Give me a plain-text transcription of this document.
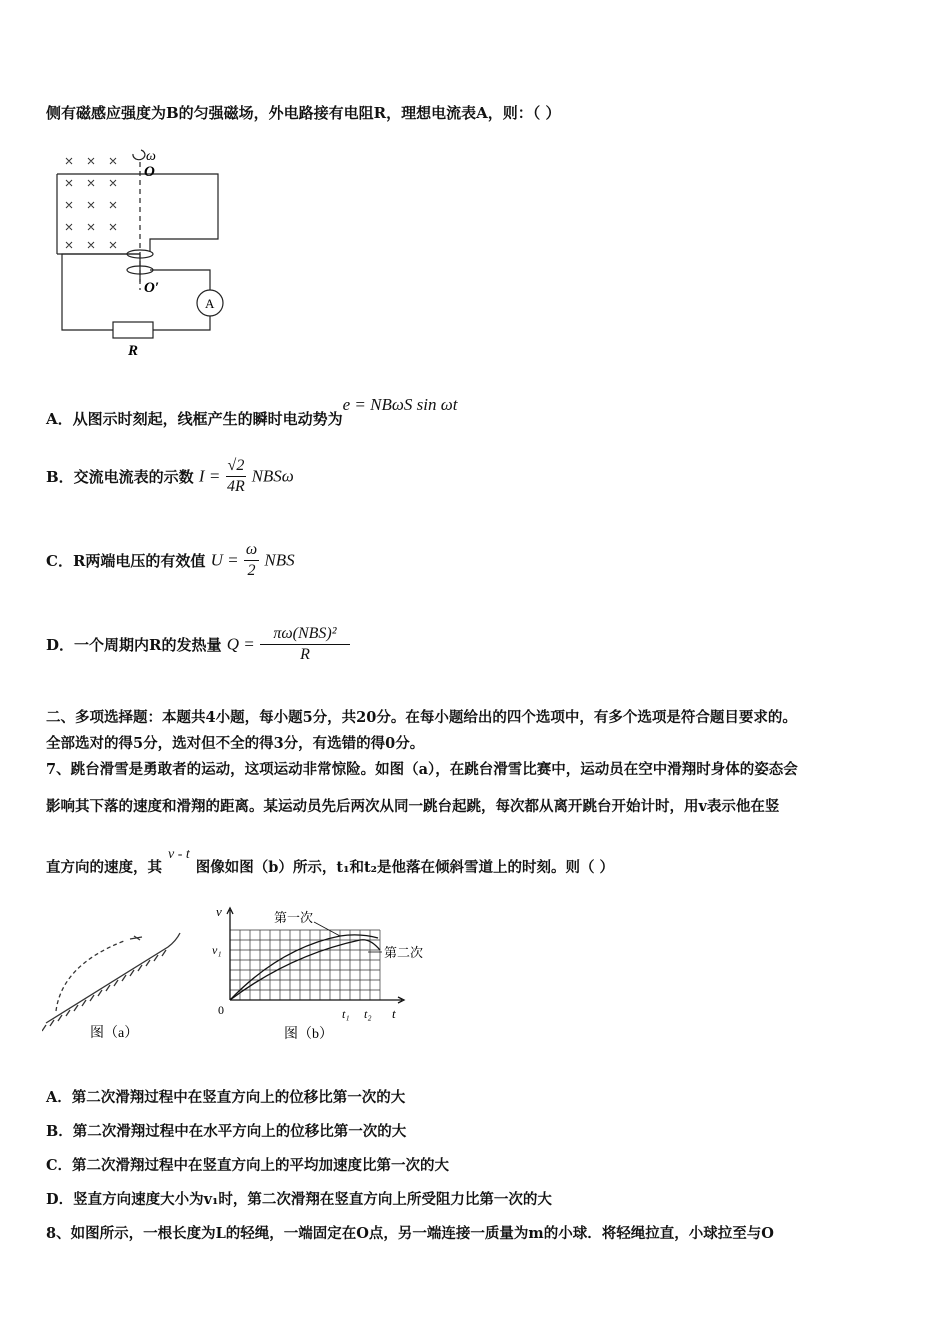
侧有磁感应强度为B的匀强磁场，外电路接有电阻R，理想电流表A，则：（ ）
ω
O
O′
A
R
A．从图示时刻起，线框产生的瞬时电动势为e = NBωS sin ωt
B．交流电流表的示数 $I = \frac{√2}{4R}$ NBSω
C．R两端电压的有效值 $U = \frac{\omega}{2}$ NBS
D．一个周期内R的发热量 $Q = \frac{\text{πω(NBS)²}}{R}$
二、多项选择题：本题共4小题，每小题5分，共20分。在每小题给出的四个选项中，有多个选项是符合题目要求的。
全部选对的得5分，选对但不全的得3分，有选错的得0分。
7、跳台滑雪是勇敢者的运动，这项运动非常惊险。如图（a），在跳台滑雪比赛中，运动员在空中滑翔时身体的姿态会
影响其下落的速度和滑翔的距离。某运动员先后两次从同一跳台起跳，每次都从离开跳台开始计时，用v表示他在竖
直方向的速度，其v - t图像如图（b）所示，t₁和t₂是他落在倾斜雪道上的时刻。则（ ）
图（a）
v
v₁
0	t₁ t₂ t
第一次
第二次
图（b）
A．第二次滑翔过程中在竖直方向上的位移比第一次的大
B．第二次滑翔过程中在水平方向上的位移比第一次的大
C．第二次滑翔过程中在竖直方向上的平均加速度比第一次的大
D．竖直方向速度大小为v₁时，第二次滑翔在竖直方向上所受阻力比第一次的大
8、如图所示，一根长度为L的轻绳，一端固定在O点，另一端连接一质量为m的小球．将轻绳拉直，小球拉至与O
